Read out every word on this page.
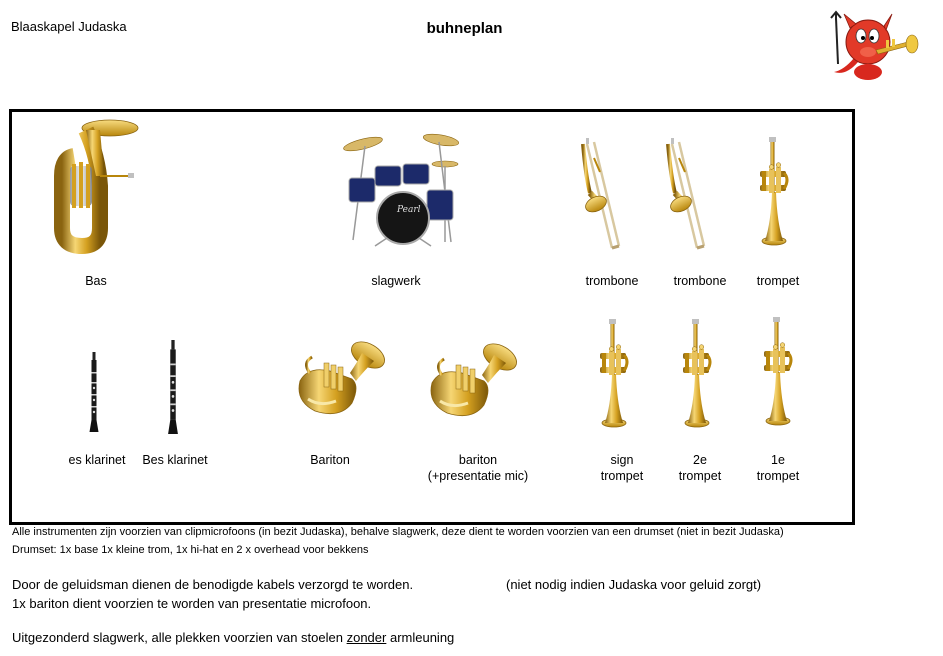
Blaaskapel Judaska	buhneplan
Pearl
Bas	slagwerk	trombone	trombone	trompet
es klarinet	Bes klarinet	Bariton	bariton
(+presentatie mic)
sign
trompet
2e
trompet
1e
trompet
Alle instrumenten zijn voorzien van clipmicrofoons (in bezit Judaska), behalve slagwerk, deze dient te worden voorzien van een drumset (niet in bezit Judaska)
Drumset: 1x base 1x kleine trom, 1x hi-hat en 2 x overhead voor bekkens
Door de geluidsman dienen de benodigde kabels verzorgd te worden.	(niet nodig indien Judaska voor geluid zorgt)
1x bariton dient voorzien te worden van presentatie microfoon.
Uitgezonderd slagwerk, alle plekken voorzien van stoelen zonder armleuning
